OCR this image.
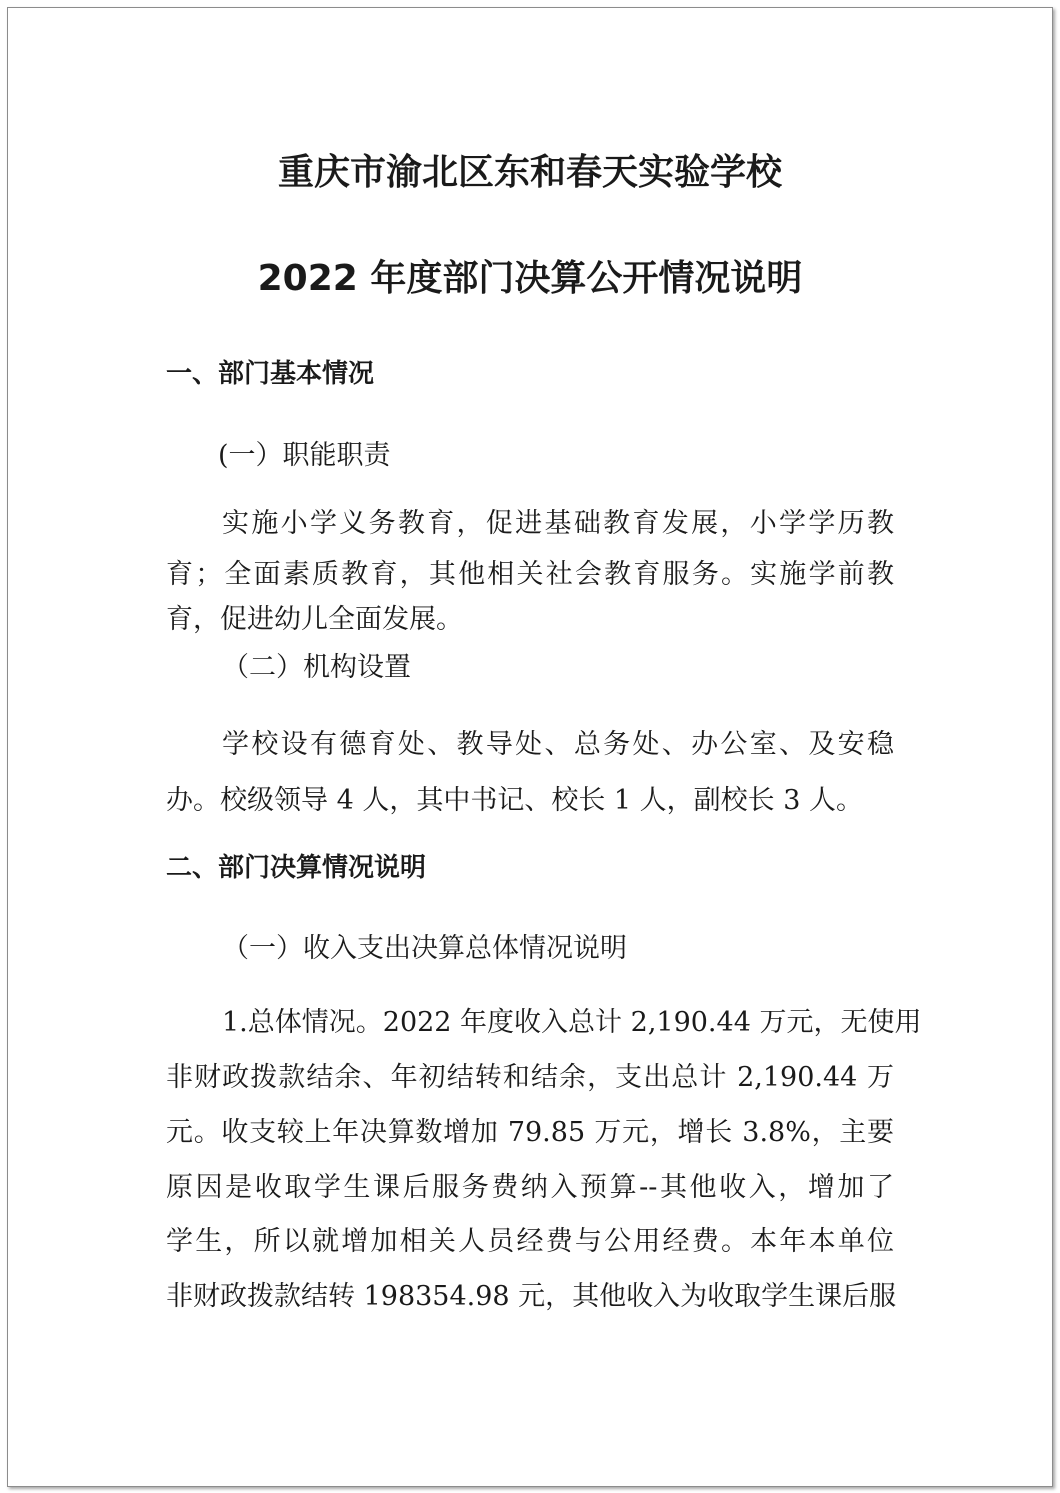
重庆市渝北区东和春天实验学校
2022 年度部门决算公开情况说明
一、部门基本情况
(一）职能职责
实施小学义务教育，促进基础教育发展，小学学历教
育；全面素质教育，其他相关社会教育服务。实施学前教
育，促进幼儿全面发展。
（二）机构设置
学校设有德育处、教导处、总务处、办公室、及安稳
办。校级领导 4 人，其中书记、校长 1 人，副校长 3 人。
二、部门决算情况说明
（一）收入支出决算总体情况说明
1.总体情况。2022 年度收入总计 2,190.44 万元，无使用
非财政拨款结余、年初结转和结余，支出总计 2,190.44 万
元。收支较上年决算数增加 79.85 万元，增长 3.8%，主要
原因是收取学生课后服务费纳入预算--其他收入，增加了
学生，所以就增加相关人员经费与公用经费。本年本单位
非财政拨款结转 198354.98 元，其他收入为收取学生课后服
